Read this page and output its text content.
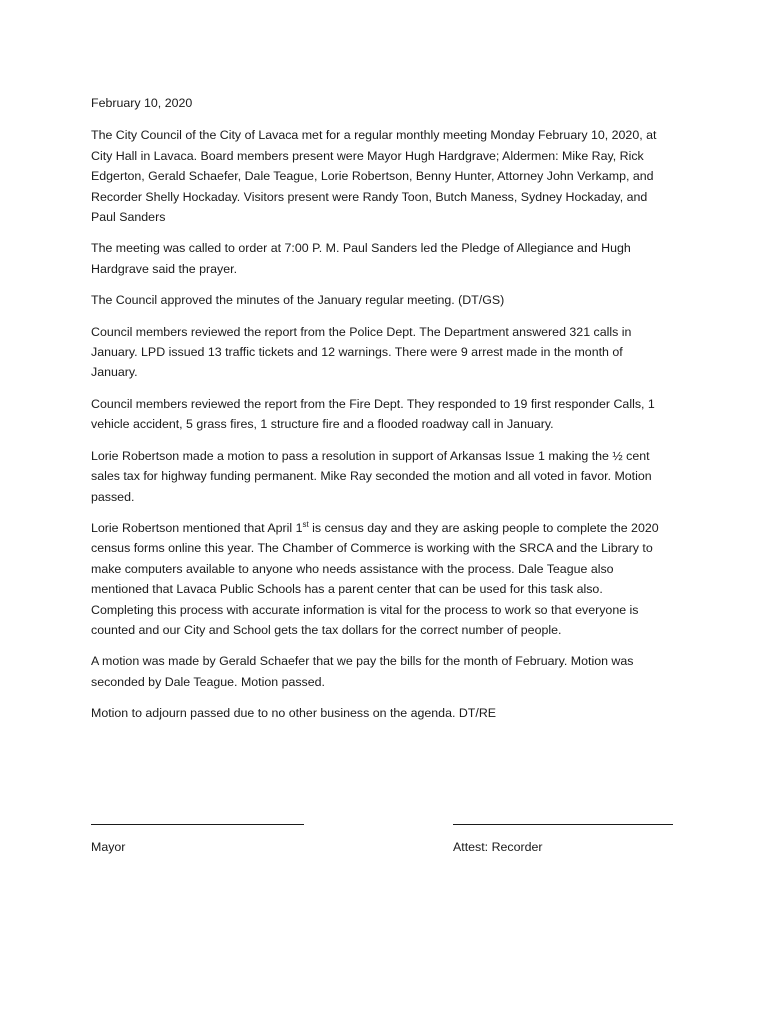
February 10, 2020

The City Council of the City of Lavaca met for a regular monthly meeting Monday February 10, 2020, at
City Hall in Lavaca. Board members present were Mayor Hugh Hardgrave; Aldermen: Mike Ray, Rick
Edgerton, Gerald Schaefer, Dale Teague, Lorie Robertson, Benny Hunter, Attorney John Verkamp, and
Recorder Shelly Hockaday. Visitors present were Randy Toon, Butch Maness, Sydney Hockaday, and
Paul Sanders

The meeting was called to order at 7:00 P. M. Paul Sanders led the Pledge of Allegiance and Hugh
Hardgrave said the prayer.

The Council approved the minutes of the January regular meeting. (DT/GS)

Council members reviewed the report from the Police Dept. The Department answered 321 calls in
January. LPD issued 13 traffic tickets and 12 warnings. There were 9 arrest made in the month of
January.

Council members reviewed the report from the Fire Dept. They responded to 19 first responder Calls, 1
vehicle accident, 5 grass fires, 1 structure fire and a flooded roadway call in January.

Lorie Robertson made a motion to pass a resolution in support of Arkansas Issue 1 making the ½ cent
sales tax for highway funding permanent. Mike Ray seconded the motion and all voted in favor. Motion
passed.

Lorie Robertson mentioned that April 1st is census day and they are asking people to complete the 2020
census forms online this year. The Chamber of Commerce is working with the SRCA and the Library to
make computers available to anyone who needs assistance with the process. Dale Teague also
mentioned that Lavaca Public Schools has a parent center that can be used for this task also.
Completing this process with accurate information is vital for the process to work so that everyone is
counted and our City and School gets the tax dollars for the correct number of people.

A motion was made by Gerald Schaefer that we pay the bills for the month of February. Motion was
seconded by Dale Teague. Motion passed.

Motion to adjourn passed due to no other business on the agenda. DT/RE

Mayor	Attest: Recorder
